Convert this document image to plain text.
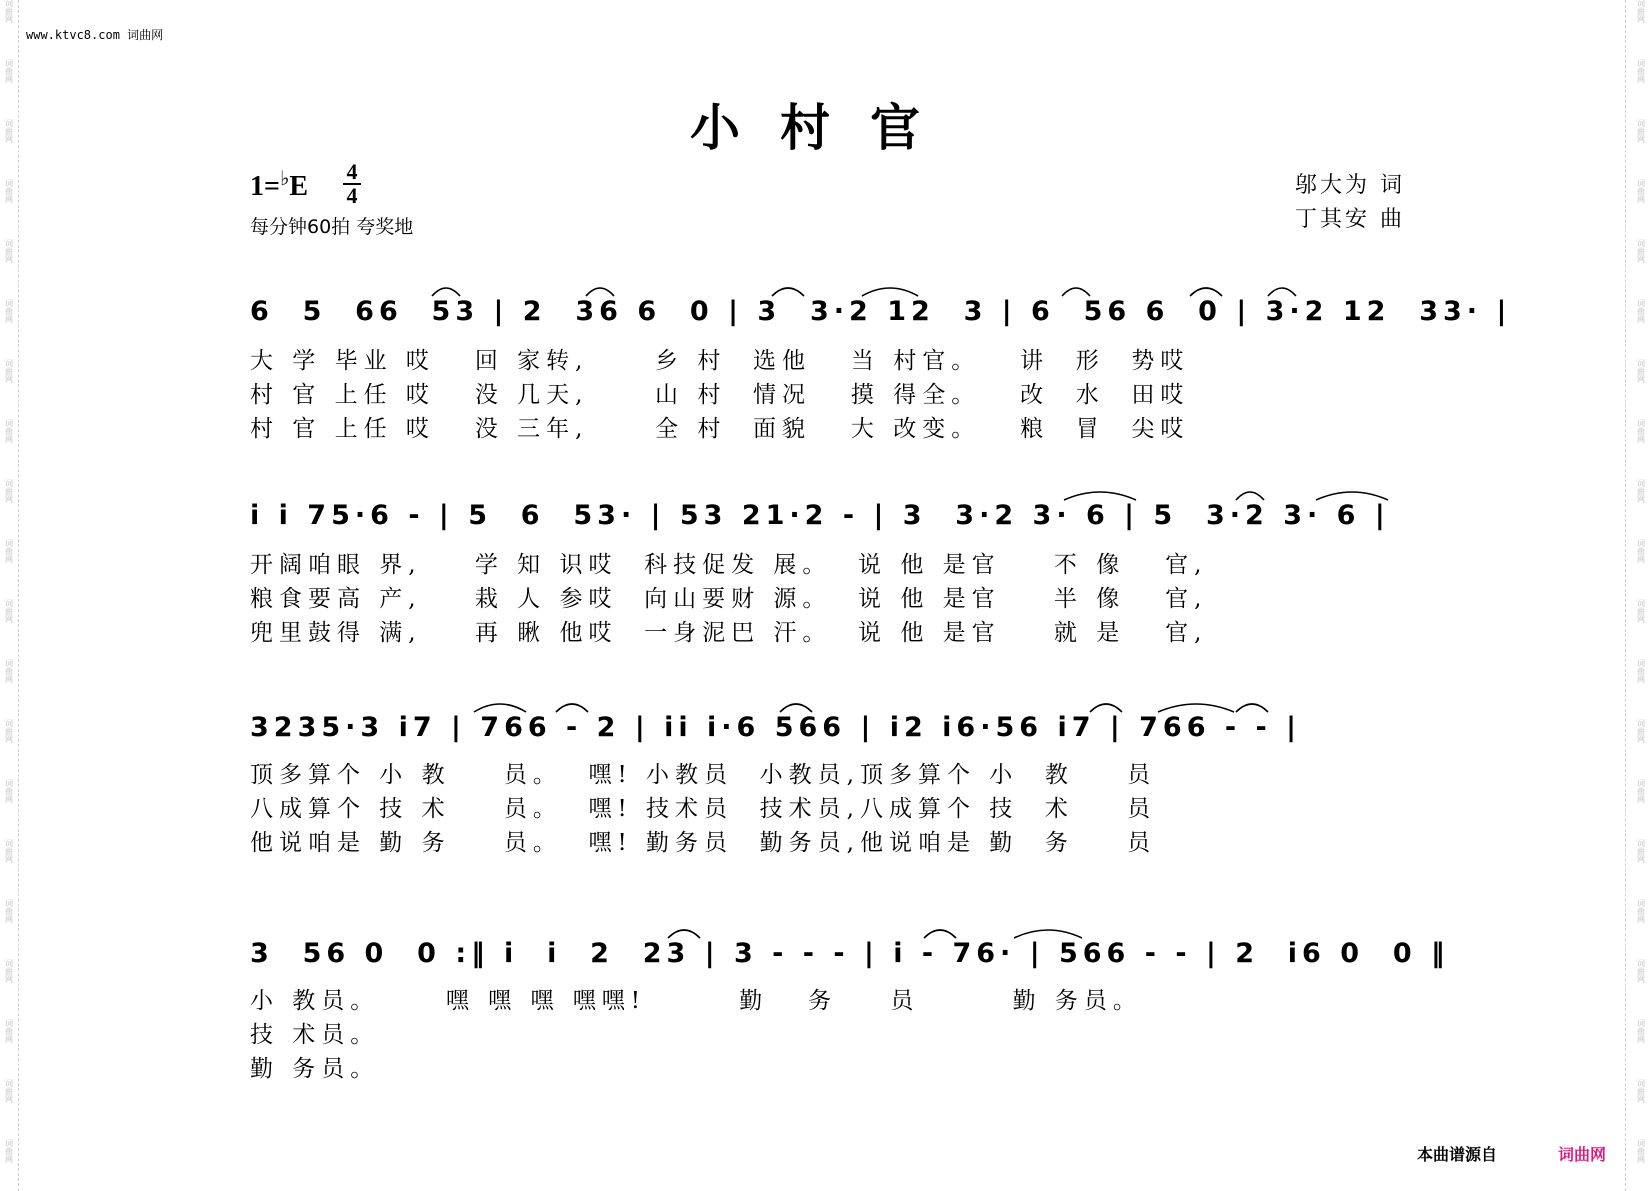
词
曲
网
词
曲
网
词
曲
网
词
曲
网
词
曲
网
词
曲
网
词
曲
网
词
曲
网
词
曲
网
词
曲
网
词
曲
网
词
曲
网
词
曲
网
词
曲
网
词
曲
网
词
曲
网
词
曲
网
词
曲
网
词
曲
网
词
曲
网
词
曲
网
词
曲
网
词
曲
网
词
曲
网
词
曲
网
词
曲
网
词
曲
网
词
曲
网
词
曲
网
词
曲
网
词
曲
网
词
曲
网
词
曲
网
词
曲
网
词
曲
网
词
曲
网
词
曲
网
词
曲
网
词
曲
网
词
曲
网
www.ktvc8.com 词曲网
小村官
1=♭E 4
4
每分钟60拍 夸奖地
邬大为 词
丁其安 曲
6  5  66  53 | 2  36 6  0 | 3  3·2 12  3 | 6  56 6  0 | 3·2 12  33· |
大 学 毕业 哎   回 家转,     乡 村  选他   当 村官。   讲  形  势哎
村 官 上任 哎   没 几天,     山 村  情况   摸 得全。   改  水  田哎
村 官 上任 哎   没 三年,     全 村  面貌   大 改变。   粮  冒  尖哎
i i 75·6 - | 5  6  53· | 53 21·2 - | 3  3·2 3· 6 | 5  3·2 3· 6 |
开阔咱眼 界,    学 知 识哎  科技促发 展。  说 他 是官    不 像   官,
粮食要高 产,    栽 人 参哎  向山要财 源。  说 他 是官    半 像   官,
兜里鼓得 满,    再 瞅 他哎  一身泥巴 汗。  说 他 是官    就 是   官,
3235·3 i7 | 766 - 2 | ii i·6 566 | i2 i6·56 i7 | 766 - - |
顶多算个 小 教    员。  嘿! 小教员  小教员,顶多算个 小  教    员
八成算个 技 术    员。  嘿! 技术员  技术员,八成算个 技  术    员
他说咱是 勤 务    员。  嘿! 勤务员  勤务员,他说咱是 勤  务    员
3  56 0  0 :‖ i  i  2  23 | 3 - - - | i - 76· | 566 - - | 2  i6 0  0 ‖
小 教员。     嘿 嘿 嘿 嘿嘿!       勤   务    员       勤 务员。
技 术员。
勤 务员。
本曲谱源自	词曲网
